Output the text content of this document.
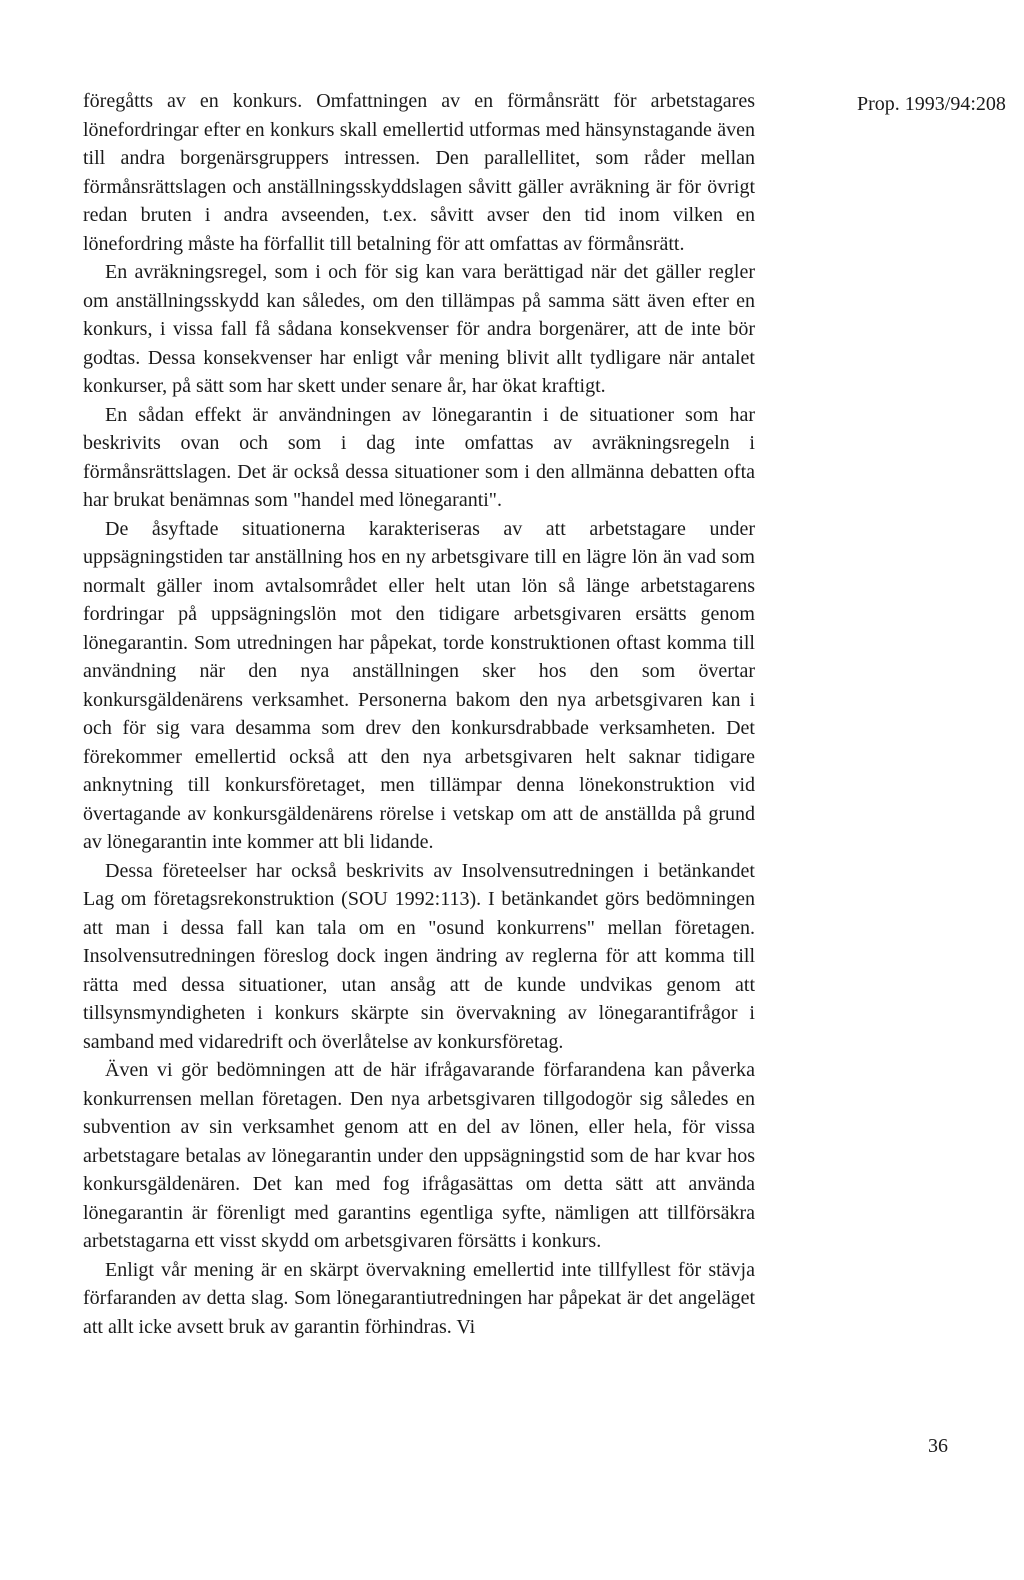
Prop. 1993/94:208

föregåtts av en konkurs. Omfattningen av en förmånsrätt för arbetstagares lönefordringar efter en konkurs skall emellertid utformas med hänsynstagande även till andra borgenärsgruppers intressen. Den parallellitet, som råder mellan förmånsrättslagen och anställningsskyddslagen såvitt gäller avräkning är för övrigt redan bruten i andra avseenden, t.ex. såvitt avser den tid inom vilken en lönefordring måste ha förfallit till betalning för att omfattas av förmånsrätt.

En avräkningsregel, som i och för sig kan vara berättigad när det gäller regler om anställningsskydd kan således, om den tillämpas på samma sätt även efter en konkurs, i vissa fall få sådana konsekvenser för andra borgenärer, att de inte bör godtas. Dessa konsekvenser har enligt vår mening blivit allt tydligare när antalet konkurser, på sätt som har skett under senare år, har ökat kraftigt.

En sådan effekt är användningen av lönegarantin i de situationer som har beskrivits ovan och som i dag inte omfattas av avräkningsregeln i förmånsrättslagen. Det är också dessa situationer som i den allmänna debatten ofta har brukat benämnas som "handel med lönegaranti".

De åsyftade situationerna karakteriseras av att arbetstagare under uppsägningstiden tar anställning hos en ny arbetsgivare till en lägre lön än vad som normalt gäller inom avtalsområdet eller helt utan lön så länge arbetstagarens fordringar på uppsägningslön mot den tidigare arbetsgivaren ersätts genom lönegarantin. Som utredningen har påpekat, torde konstruktionen oftast komma till användning när den nya anställningen sker hos den som övertar konkursgäldenärens verksamhet. Personerna bakom den nya arbetsgivaren kan i och för sig vara desamma som drev den konkursdrabbade verksamheten. Det förekommer emellertid också att den nya arbetsgivaren helt saknar tidigare anknytning till konkursföretaget, men tillämpar denna lönekonstruktion vid övertagande av konkursgäldenärens rörelse i vetskap om att de anställda på grund av lönegarantin inte kommer att bli lidande.

Dessa företeelser har också beskrivits av Insolvensutredningen i betänkandet Lag om företagsrekonstruktion (SOU 1992:113). I betänkandet görs bedömningen att man i dessa fall kan tala om en "osund konkurrens" mellan företagen. Insolvensutredningen föreslog dock ingen ändring av reglerna för att komma till rätta med dessa situationer, utan ansåg att de kunde undvikas genom att tillsynsmyndigheten i konkurs skärpte sin övervakning av lönegarantifrågor i samband med vidaredrift och överlåtelse av konkursföretag.

Även vi gör bedömningen att de här ifrågavarande förfarandena kan påverka konkurrensen mellan företagen. Den nya arbetsgivaren tillgodogör sig således en subvention av sin verksamhet genom att en del av lönen, eller hela, för vissa arbetstagare betalas av lönegarantin under den uppsägningstid som de har kvar hos konkursgäldenären. Det kan med fog ifrågasättas om detta sätt att använda lönegarantin är förenligt med garantins egentliga syfte, nämligen att tillförsäkra arbetstagarna ett visst skydd om arbetsgivaren försätts i konkurs.

Enligt vår mening är en skärpt övervakning emellertid inte tillfyllest för stävja förfaranden av detta slag. Som lönegarantiutredningen har påpekat är det angeläget att allt icke avsett bruk av garantin förhindras. Vi

36
